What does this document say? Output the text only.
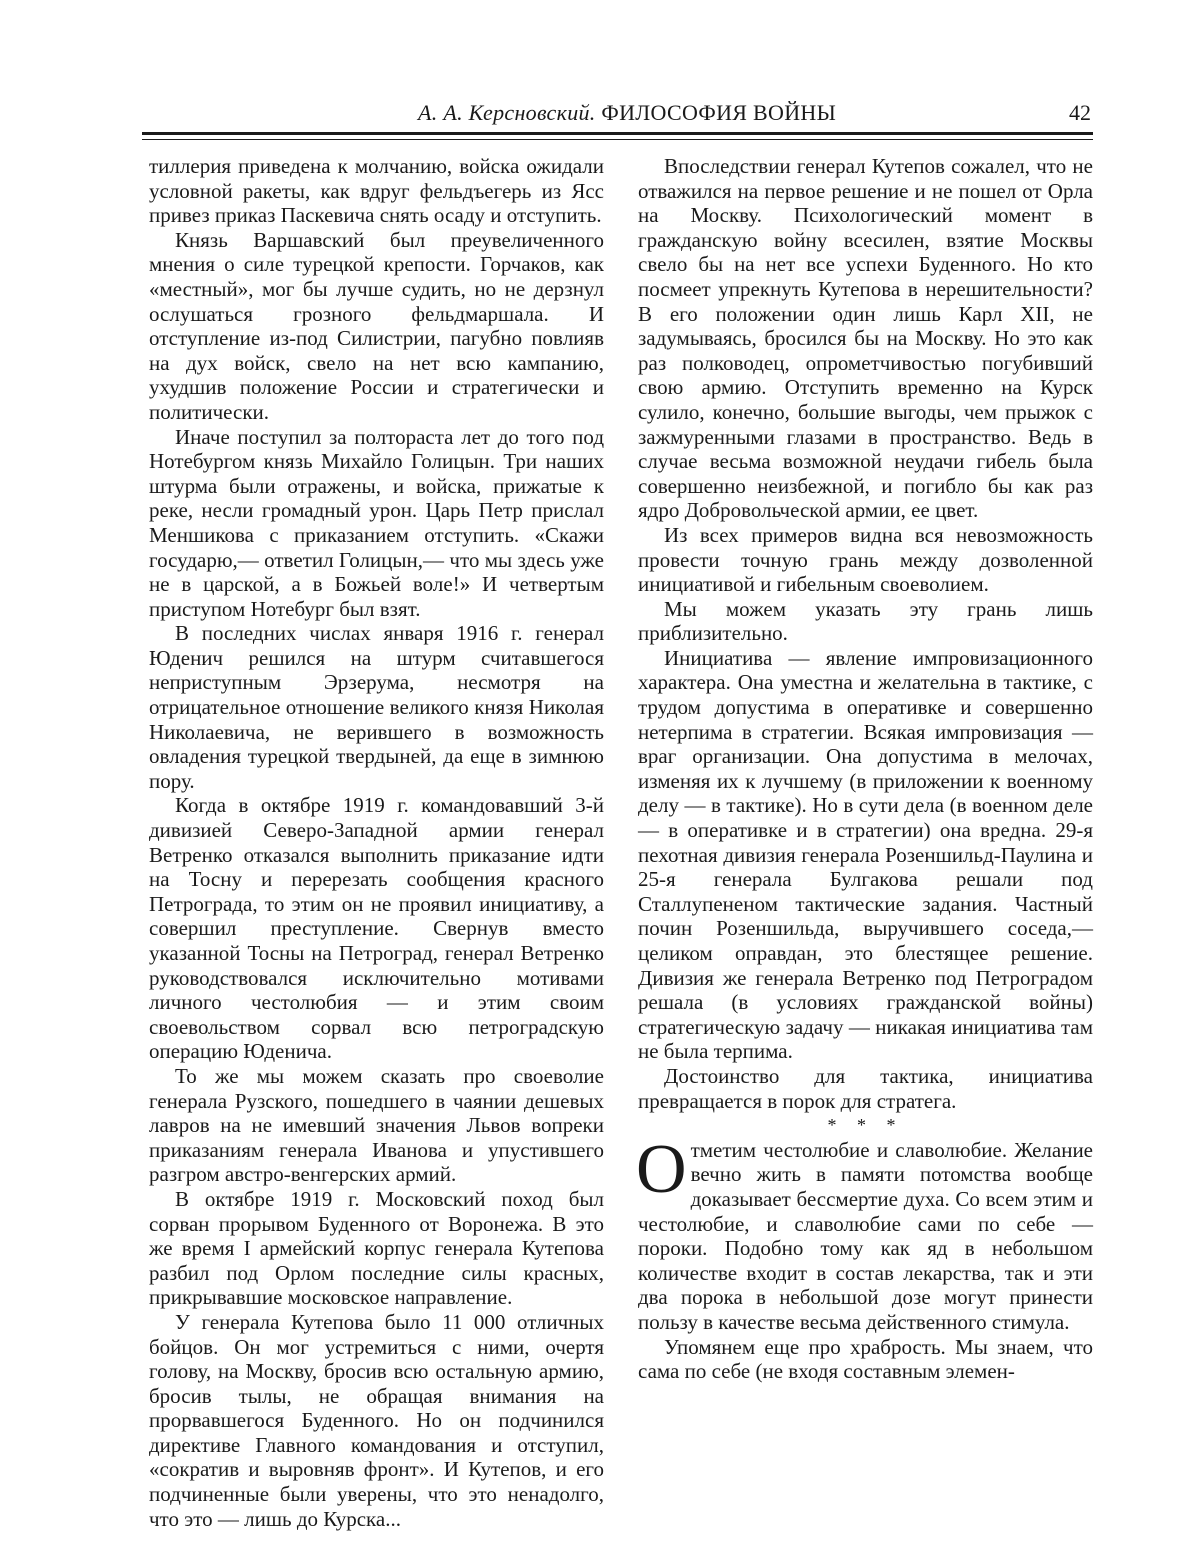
А. А. Керсновский. ФИЛОСОФИЯ ВОЙНЫ	42

тиллерия приведена к молчанию, войска ожидали условной ракеты, как вдруг фельдъегерь из Ясс привез приказ Паскевича снять осаду и отступить.

Князь Варшавский был преувеличенного мнения о силе турецкой крепости. Горчаков, как «местный», мог бы лучше судить, но не дерзнул ослушаться грозного фельдмаршала. И отступление из-под Силистрии, пагубно повлияв на дух войск, свело на нет всю кампанию, ухудшив положение России и стратегически и политически.

Иначе поступил за полтораста лет до того под Нотебургом князь Михайло Голицын. Три наших штурма были отражены, и войска, прижатые к реке, несли громадный урон. Царь Петр прислал Меншикова с приказанием отступить. «Скажи государю,— ответил Голицын,— что мы здесь уже не в царской, а в Божьей воле!» И четвертым приступом Нотебург был взят.

В последних числах января 1916 г. генерал Юденич решился на штурм считавшегося неприступным Эрзерума, несмотря на отрицательное отношение великого князя Николая Николаевича, не верившего в возможность овладения турецкой твердыней, да еще в зимнюю пору.

Когда в октябре 1919 г. командовавший 3-й дивизией Северо-Западной армии генерал Ветренко отказался выполнить приказание идти на Тосну и перерезать сообщения красного Петрограда, то этим он не проявил инициативу, а совершил преступление. Свернув вместо указанной Тосны на Петроград, генерал Ветренко руководствовался исключительно мотивами личного честолюбия — и этим своим своевольством сорвал всю петроградскую операцию Юденича.

То же мы можем сказать про своеволие генерала Рузского, пошедшего в чаянии дешевых лавров на не имевший значения Львов вопреки приказаниям генерала Иванова и упустившего разгром австро-венгерских армий.

В октябре 1919 г. Московский поход был сорван прорывом Буденного от Воронежа. В это же время I армейский корпус генерала Кутепова разбил под Орлом последние силы красных, прикрывавшие московское направление.

У генерала Кутепова было 11 000 отличных бойцов. Он мог устремиться с ними, очертя голову, на Москву, бросив всю остальную армию, бросив тылы, не обращая внимания на прорвавшегося Буденного. Но он подчинился директиве Главного командования и отступил, «сократив и выровняв фронт». И Кутепов, и его подчиненные были уверены, что это ненадолго, что это — лишь до Курска...

Впоследствии генерал Кутепов сожалел, что не отважился на первое решение и не пошел от Орла на Москву. Психологический момент в гражданскую войну всесилен, взятие Москвы свело бы на нет все успехи Буденного. Но кто посмеет упрекнуть Кутепова в нерешительности? В его положении один лишь Карл XII, не задумываясь, бросился бы на Москву. Но это как раз полководец, опрометчивостью погубивший свою армию. Отступить временно на Курск сулило, конечно, большие выгоды, чем прыжок с зажмуренными глазами в пространство. Ведь в случае весьма возможной неудачи гибель была совершенно неизбежной, и погибло бы как раз ядро Добровольческой армии, ее цвет.

Из всех примеров видна вся невозможность провести точную грань между дозволенной инициативой и гибельным своеволием.

Мы можем указать эту грань лишь приблизительно.

Инициатива — явление импровизационного характера. Она уместна и желательна в тактике, с трудом допустима в оперативке и совершенно нетерпима в стратегии. Всякая импровизация — враг организации. Она допустима в мелочах, изменяя их к лучшему (в приложении к военному делу — в тактике). Но в сути дела (в военном деле — в оперативке и в стратегии) она вредна. 29-я пехотная дивизия генерала Розеншильд-Паулина и 25-я генерала Булгакова решали под Сталлупененом тактические задания. Частный почин Розеншильда, выручившего соседа,— целиком оправдан, это блестящее решение. Дивизия же генерала Ветренко под Петроградом решала (в условиях гражданской войны) стратегическую задачу — никакая инициатива там не была терпима.

Достоинство для тактика, инициатива превращается в порок для стратега.

* * *

Отметим честолюбие и славолюбие. Желание вечно жить в памяти потомства вообще доказывает бессмертие духа. Со всем этим и честолюбие, и славолюбие сами по себе — пороки. Подобно тому как яд в небольшом количестве входит в состав лекарства, так и эти два порока в небольшой дозе могут принести пользу в качестве весьма действенного стимула.

Упомянем еще про храбрость. Мы знаем, что сама по себе (не входя составным элемен-
